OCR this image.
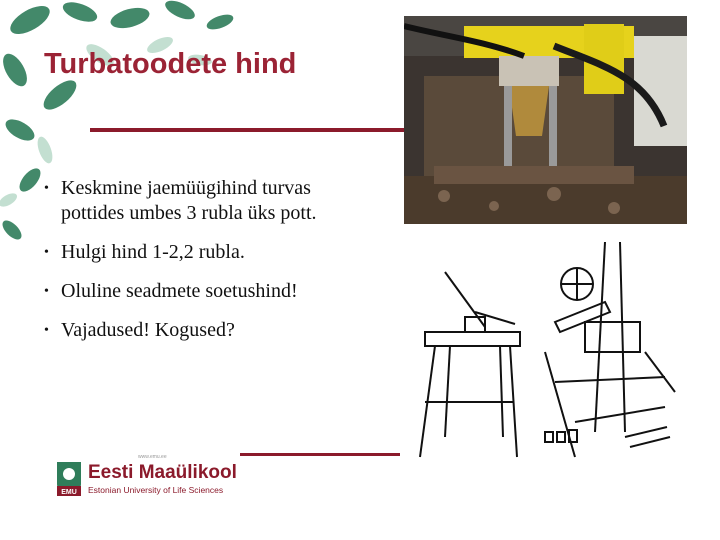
Turbatoodete hind
• Keskmine jaemüügihind turvas pottides umbes 3 rubla üks pott.
• Hulgi hind 1-2,2 rubla.
• Oluline seadmete soetushind!
• Vajadused! Kogused?
www.emu.ee
EMU
Eesti Maaülikool
Estonian University of Life Sciences
